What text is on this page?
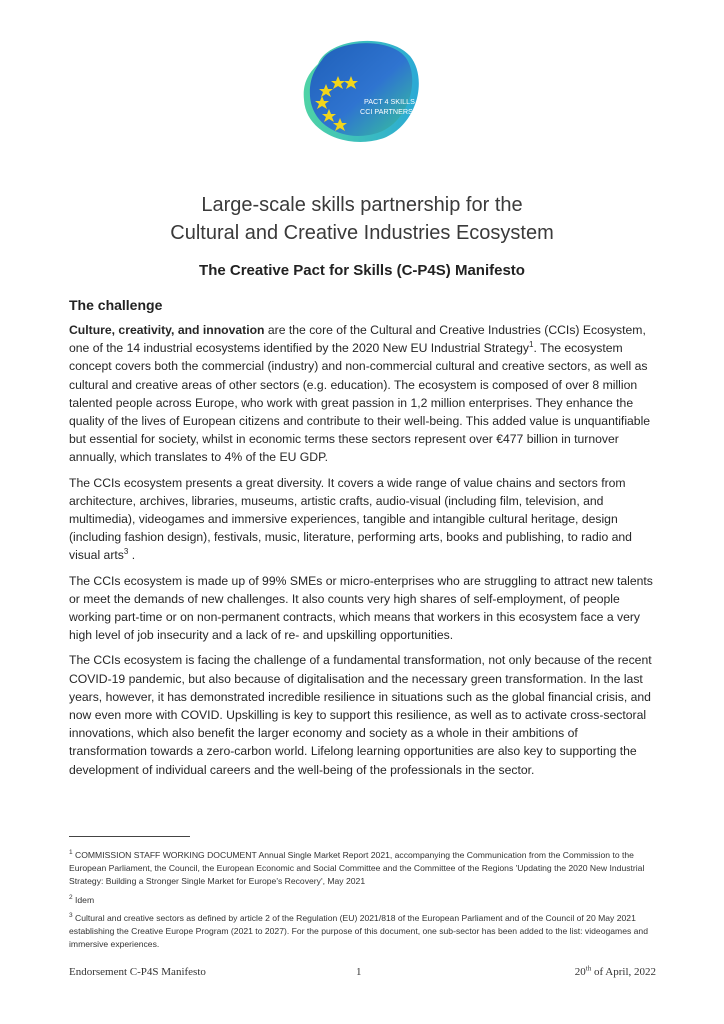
PACT 4 SKILLS
CCI PARTNERSHIP
Large-scale skills partnership for the
Cultural and Creative Industries Ecosystem
The Creative Pact for Skills (C-P4S) Manifesto
The challenge

Culture, creativity, and innovation are the core of the Cultural and Creative Industries (CCIs) Ecosystem, one of the 14 industrial ecosystems identified by the 2020 New EU Industrial Strategy$^1$. The ecosystem concept covers both the commercial (industry) and non-commercial cultural and creative sectors, as well as cultural and creative areas of other sectors (e.g. education). The ecosystem is composed of over 8 million talented people across Europe, who work with great passion in 1,2 million enterprises. They enhance the quality of the lives of European citizens and contribute to their well-being. This added value is unquantifiable but essential for society, whilst in economic terms these sectors represent over €477 billion in turnover annually, which translates to 4% of the EU GDP.

The CCIs ecosystem presents a great diversity. It covers a wide range of value chains and sectors from architecture, archives, libraries, museums, artistic crafts, audio-visual (including film, television, and multimedia), videogames and immersive experiences, tangible and intangible cultural heritage, design (including fashion design), festivals, music, literature, performing arts, books and publishing, to radio and visual arts$^3$ .

The CCIs ecosystem is made up of 99% SMEs or micro-enterprises who are struggling to attract new talents or meet the demands of new challenges. It also counts very high shares of self-employment, of people working part-time or on non-permanent contracts, which means that workers in this ecosystem face a very high level of job insecurity and a lack of re- and upskilling opportunities.

The CCIs ecosystem is facing the challenge of a fundamental transformation, not only because of the recent COVID-19 pandemic, but also because of digitalisation and the necessary green transformation. In the last years, however, it has demonstrated incredible resilience in situations such as the global financial crisis, and now even more with COVID. Upskilling is key to support this resilience, as well as to activate cross-sectoral innovations, which also benefit the larger economy and society as a whole in their ambitions of transformation towards a zero-carbon world. Lifelong learning opportunities are also key to supporting the development of individual careers and the well-being of the professionals in the sector.

$^1$ COMMISSION STAFF WORKING DOCUMENT Annual Single Market Report 2021, accompanying the Communication from the Commission to the European Parliament, the Council, the European Economic and Social Committee and the Committee of the Regions 'Updating the 2020 New Industrial Strategy: Building a Stronger Single Market for Europe's Recovery', May 2021

$^2$ Idem

$^3$ Cultural and creative sectors as defined by article 2 of the Regulation (EU) 2021/818 of the European Parliament and of the Council of 20 May 2021 establishing the Creative Europe Program (2021 to 2027). For the purpose of this document, one sub-sector has been added to the list: videogames and immersive experiences.

Endorsement C-P4S Manifesto	1	20th of April, 2022
